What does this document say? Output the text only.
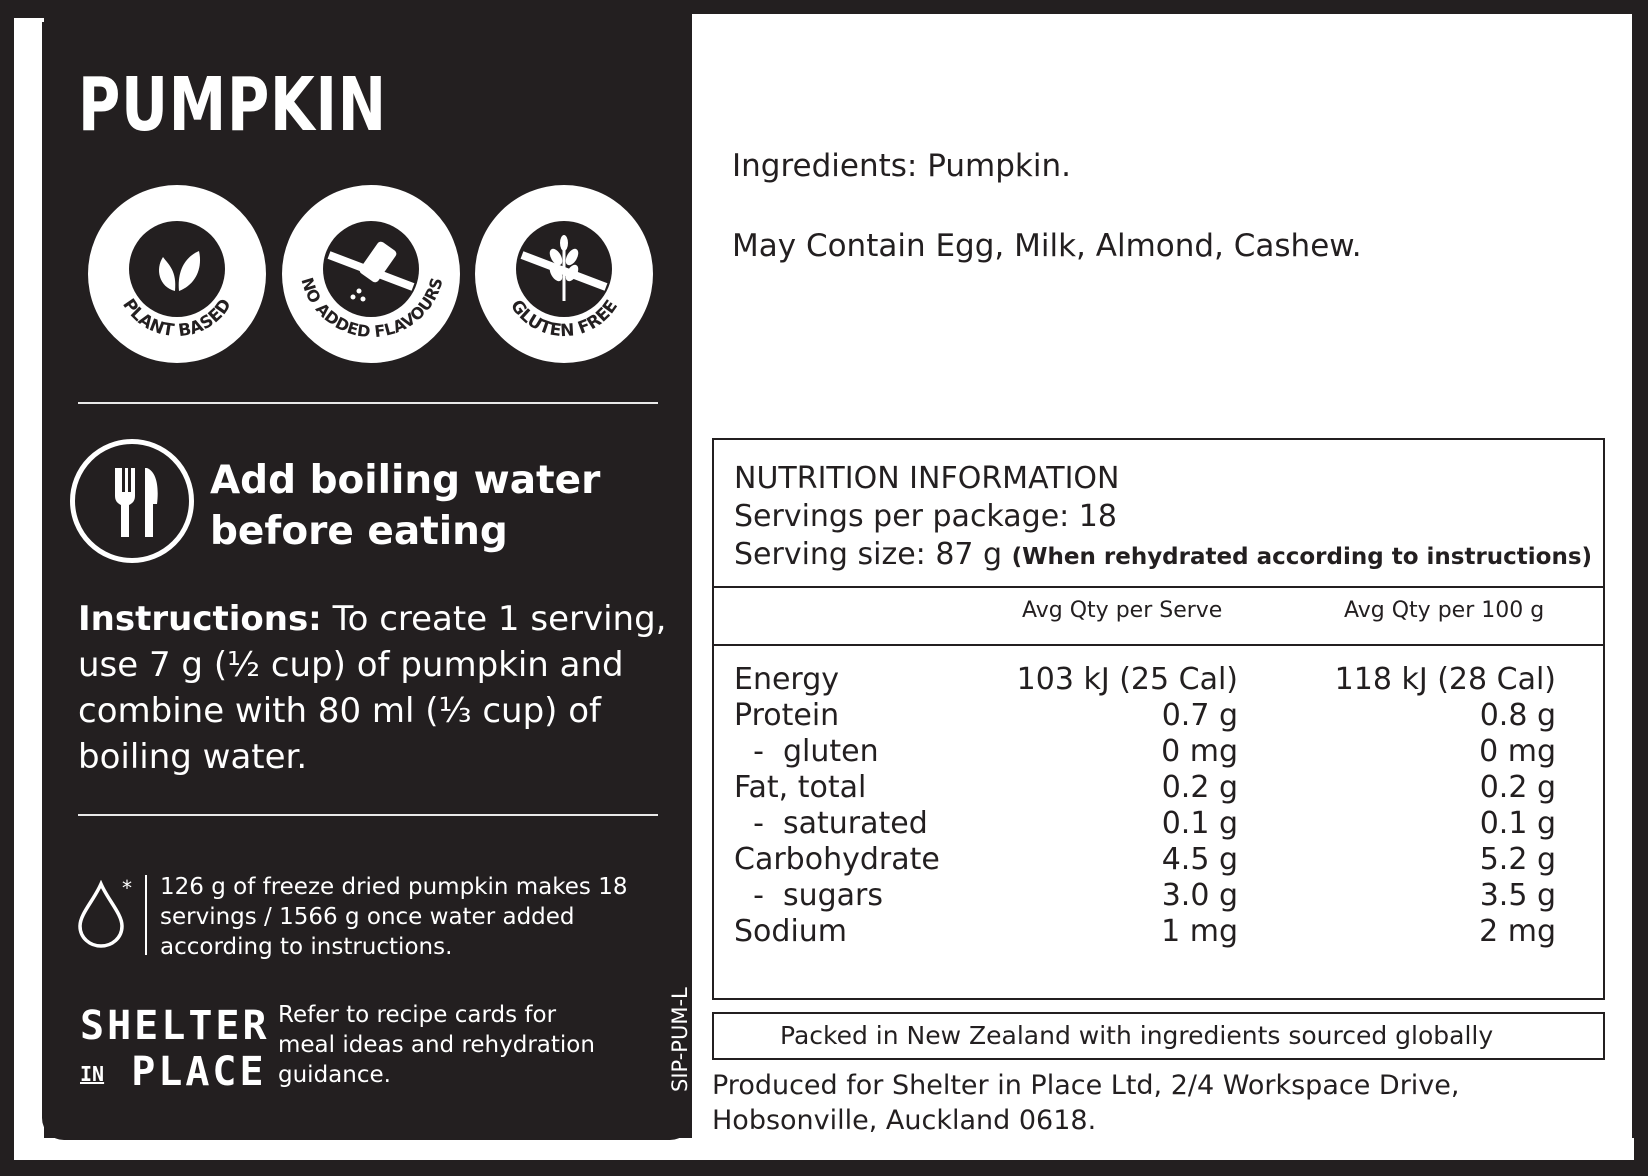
PUMPKIN
PLANT BASED
NO ADDED FLAVOURS
GLUTEN FREE
Add boiling water
before eating
Instructions: To create 1 serving, use 7 g (½ cup) of pumpkin and combine with 80 ml (⅓ cup) of boiling water.
* 126 g of freeze dried pumpkin makes 18 servings / 1566 g once water added according to instructions.
SHELTER
IN PLACE
Refer to recipe cards for meal ideas and rehydration guidance.	SIP-PUM-L
Ingredients: Pumpkin.
May Contain Egg, Milk, Almond, Cashew.
NUTRITION INFORMATION
Servings per package: 18
Serving size: 87 g (When rehydrated according to instructions)
Avg Qty per Serve	Avg Qty per 100 g
Energy	103 kJ (25 Cal)	118 kJ (28 Cal)
Protein	0.7 g	0.8 g
-  gluten	0 mg	0 mg
Fat, total	0.2 g	0.2 g
-  saturated	0.1 g	0.1 g
Carbohydrate	4.5 g	5.2 g
-  sugars	3.0 g	3.5 g
Sodium	1 mg	2 mg
Packed in New Zealand with ingredients sourced globally
Produced for Shelter in Place Ltd, 2/4 Workspace Drive, Hobsonville, Auckland 0618.
